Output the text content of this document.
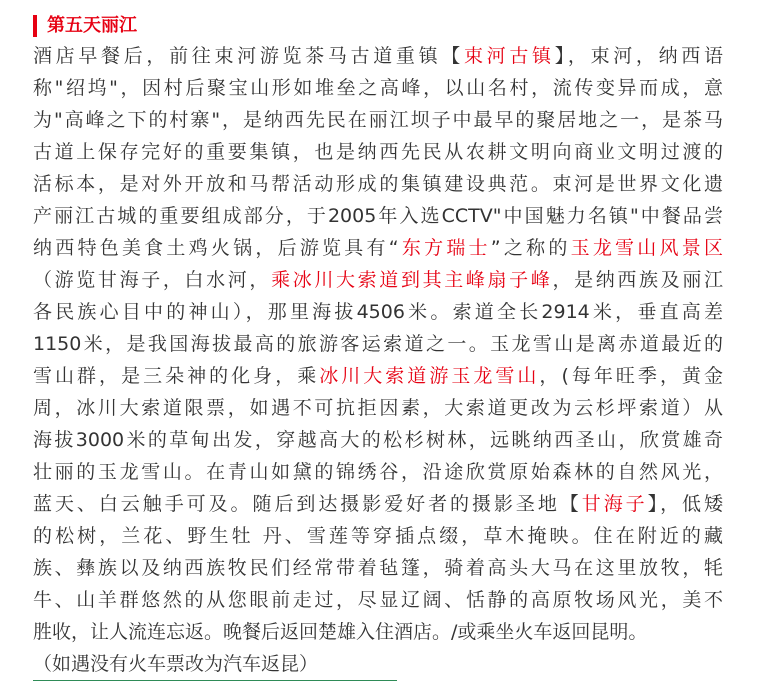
第五天丽江
酒店早餐后，前往束河游览茶马古道重镇【束河古镇】，束河，纳西语
称"绍坞"，因村后聚宝山形如堆垒之高峰，以山名村，流传变异而成，意
为"高峰之下的村寨"，是纳西先民在丽江坝子中最早的聚居地之一，是茶马
古道上保存完好的重要集镇，也是纳西先民从农耕文明向商业文明过渡的
活标本，是对外开放和马帮活动形成的集镇建设典范。束河是世界文化遗
产丽江古城的重要组成部分，于2005年入选CCTV"中国魅力名镇"中餐品尝
纳西特色美食土鸡火锅，后游览具有“东方瑞士”之称的玉龙雪山风景区
（游览甘海子，白水河，乘冰川大索道到其主峰扇子峰，是纳西族及丽江
各民族心目中的神山），那里海拔4506米。索道全长2914米，垂直高差
1150米，是我国海拔最高的旅游客运索道之一。玉龙雪山是离赤道最近的
雪山群，是三朵神的化身，乘冰川大索道游玉龙雪山，(每年旺季，黄金
周，冰川大索道限票，如遇不可抗拒因素，大索道更改为云杉坪索道）从
海拔3000米的草甸出发，穿越高大的松杉树林，远眺纳西圣山，欣赏雄奇
壮丽的玉龙雪山。在青山如黛的锦绣谷，沿途欣赏原始森林的自然风光，
蓝天、白云触手可及。随后到达摄影爱好者的摄影圣地【甘海子】，低矮
的松树，兰花、野生牡 丹、雪莲等穿插点缀，草木掩映。住在附近的藏
族、彝族以及纳西族牧民们经常带着毡篷，骑着高头大马在这里放牧，牦
牛、山羊群悠然的从您眼前走过，尽显辽阔、恬静的高原牧场风光，美不
胜收，让人流连忘返。晚餐后返回楚雄入住酒店。/或乘坐火车返回昆明。
（如遇没有火车票改为汽车返昆）
